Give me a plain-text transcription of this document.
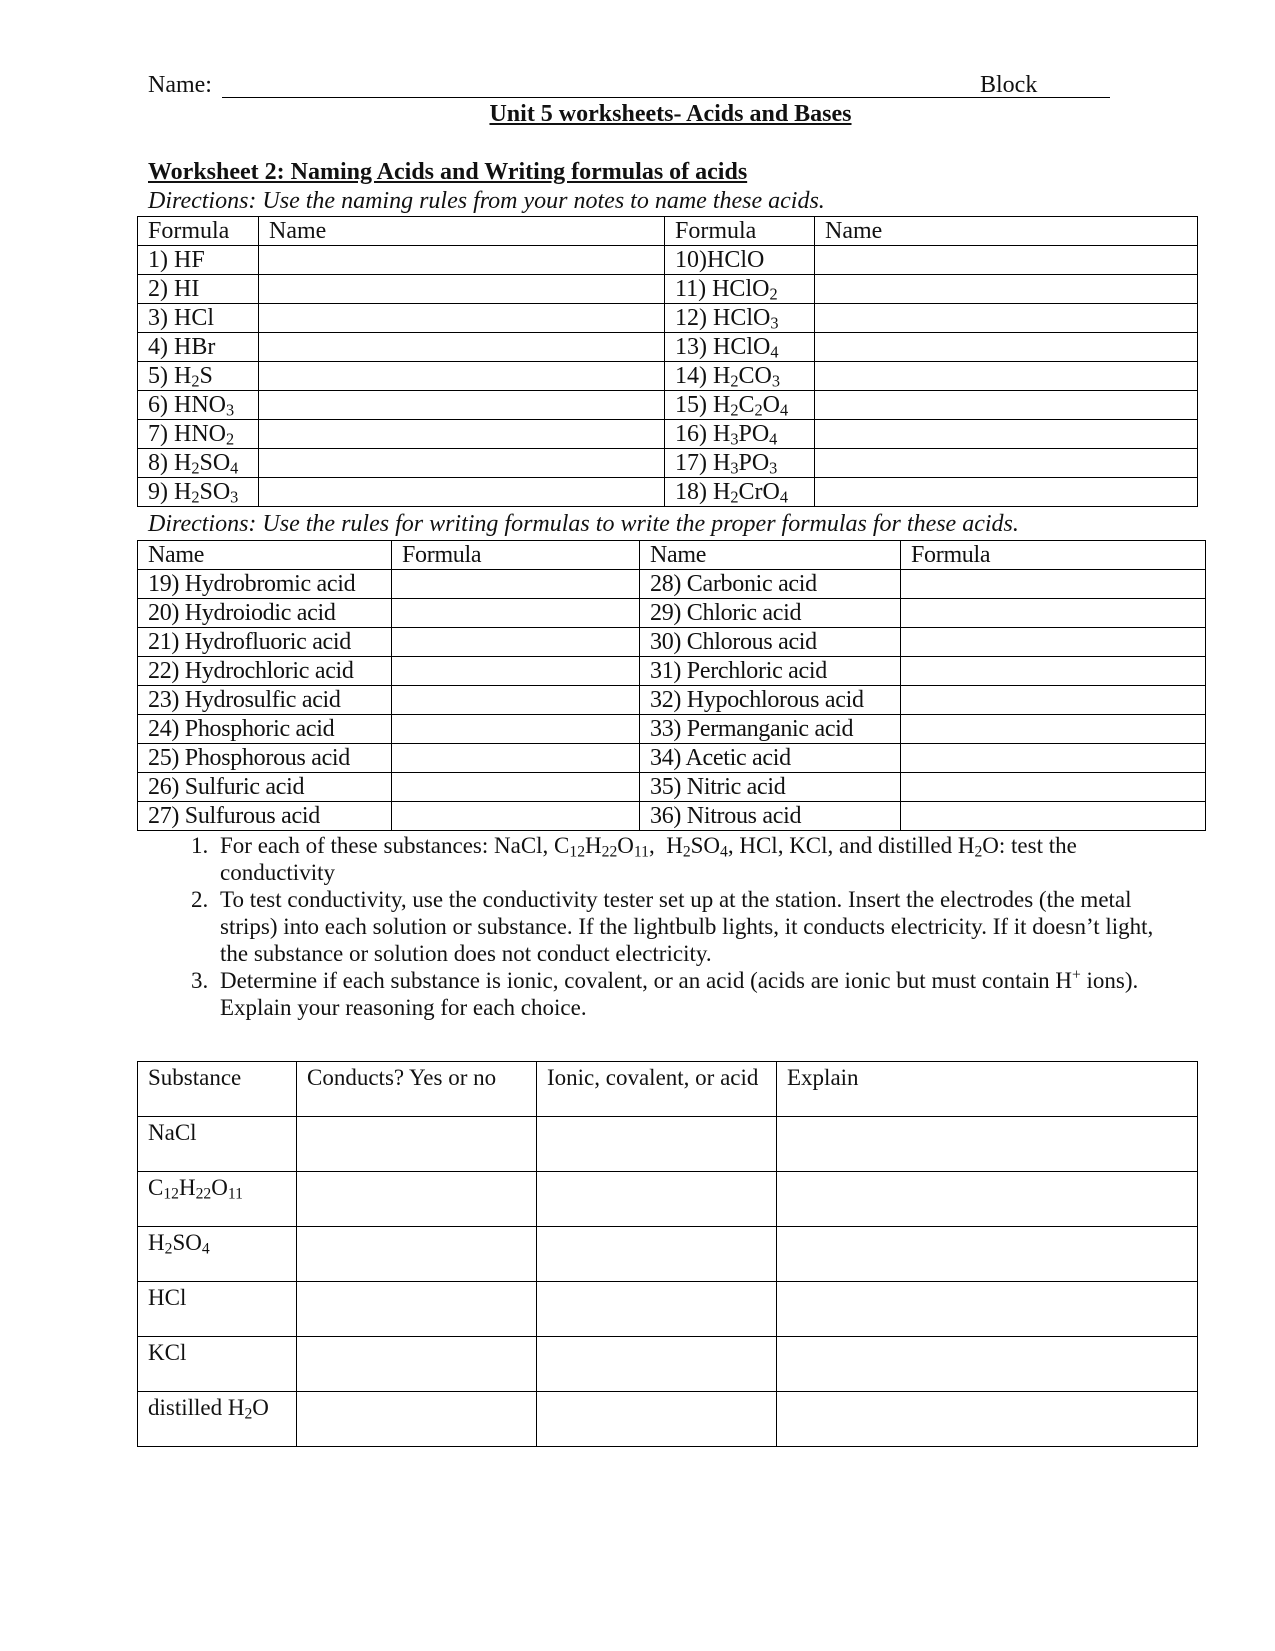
Name:	Block
Unit 5 worksheets- Acids and Bases
Worksheet 2: Naming Acids and Writing formulas of acids
Directions: Use the naming rules from your notes to name these acids.
Formula	Name	Formula	Name
1) HF		10)HClO	
2) HI		11) HClO$_2$	
3) HCl		12) HClO$_3$	
4) HBr		13) HClO$_4$	
5) $H_2S$		14) $H_2CO_3$	
6) $HNO_3$		15) $H_2C_2O_4$	
7) $HNO_2$		16) $H_3PO_4$	
8) $H_2SO_4$		17) $H_3PO_3$	
9) $H_2SO_3$		18) $H_2CrO_4$	
Directions: Use the rules for writing formulas to write the proper formulas for these acids.
Name	Formula	Name	Formula
19) Hydrobromic acid		28) Carbonic acid	
20) Hydroiodic acid		29) Chloric acid	
21) Hydrofluoric acid		30) Chlorous acid	
22) Hydrochloric acid		31) Perchloric acid	
23) Hydrosulfic acid		32) Hypochlorous acid	
24) Phosphoric acid		33) Permanganic acid	
25) Phosphorous acid		34) Acetic acid	
26) Sulfuric acid		35) Nitric acid	
27) Sulfurous acid		36) Nitrous acid	
1. For each of these substances: NaCl, $C_{12}H_{22}O_{11}$,  $H_2SO_4$, HCl, KCl, and distilled $H_2O$: test the conductivity
2. To test conductivity, use the conductivity tester set up at the station. Insert the electrodes (the metal strips) into each solution or substance. If the lightbulb lights, it conducts electricity. If it doesn’t light, the substance or solution does not conduct electricity.
3. Determine if each substance is ionic, covalent, or an acid (acids are ionic but must contain H+ ions).  Explain your reasoning for each choice.
Substance	Conducts? Yes or no	Ionic, covalent, or acid	Explain
NaCl			
$C_{12}H_{22}O_{11}$			
$H_2SO_4$			
HCl			
KCl			
distilled $H_2O$			
